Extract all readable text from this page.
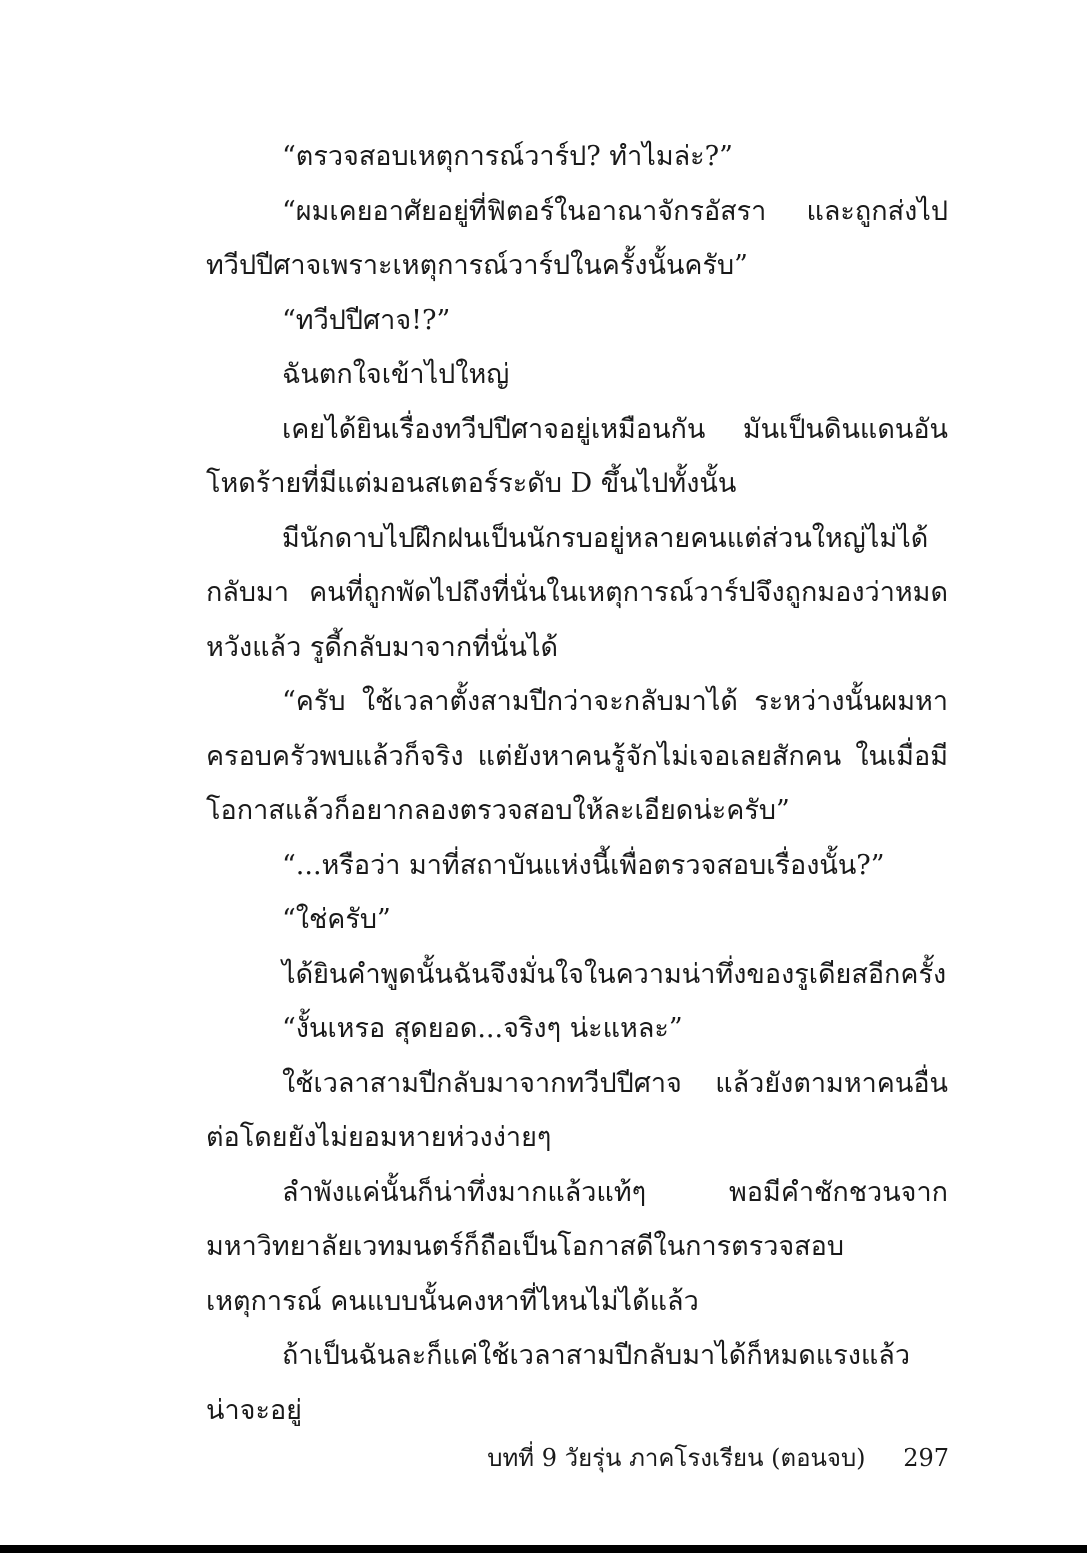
“ตรวจสอบเหตุการณ์วาร์ป? ทำไมล่ะ?”

“ผมเคยอาศัยอยู่ที่ฟิตอร์ในอาณาจักรอัสรา และถูกส่งไปทวีปปีศาจเพราะเหตุการณ์วาร์ปในครั้งนั้นครับ”

“ทวีปปีศาจ!?”

ฉันตกใจเข้าไปใหญ่

เคยได้ยินเรื่องทวีปปีศาจอยู่เหมือนกัน มันเป็นดินแดนอันโหดร้ายที่มีแต่มอนสเตอร์ระดับ D ขึ้นไปทั้งนั้น

มีนักดาบไปฝึกฝนเป็นนักรบอยู่หลายคนแต่ส่วนใหญ่ไม่ได้กลับมา คนที่ถูกพัดไปถึงที่นั่นในเหตุการณ์วาร์ปจึงถูกมองว่าหมดหวังแล้ว รูดี้กลับมาจากที่นั่นได้

“ครับ ใช้เวลาตั้งสามปีกว่าจะกลับมาได้ ระหว่างนั้นผมหาครอบครัวพบแล้วก็จริง แต่ยังหาคนรู้จักไม่เจอเลยสักคน ในเมื่อมีโอกาสแล้วก็อยากลองตรวจสอบให้ละเอียดน่ะครับ”

“...หรือว่า มาที่สถาบันแห่งนี้เพื่อตรวจสอบเรื่องนั้น?”

“ใช่ครับ”

ได้ยินคำพูดนั้นฉันจึงมั่นใจในความน่าทึ่งของรูเดียสอีกครั้ง

“งั้นเหรอ สุดยอด...จริงๆ น่ะแหละ”

ใช้เวลาสามปีกลับมาจากทวีปปีศาจ แล้วยังตามหาคนอื่นต่อโดยยังไม่ยอมหายห่วงง่ายๆ

ลำพังแค่นั้นก็น่าทึ่งมากแล้วแท้ๆ พอมีคำชักชวนจากมหาวิทยาลัยเวทมนตร์ก็ถือเป็นโอกาสดีในการตรวจสอบเหตุการณ์ คนแบบนั้นคงหาที่ไหนไม่ได้แล้ว

ถ้าเป็นฉันละก็แค่ใช้เวลาสามปีกลับมาได้ก็หมดแรงแล้ว น่าจะอยู่

บทที่ 9 วัยรุ่น ภาคโรงเรียน (ตอนจบ) 297
